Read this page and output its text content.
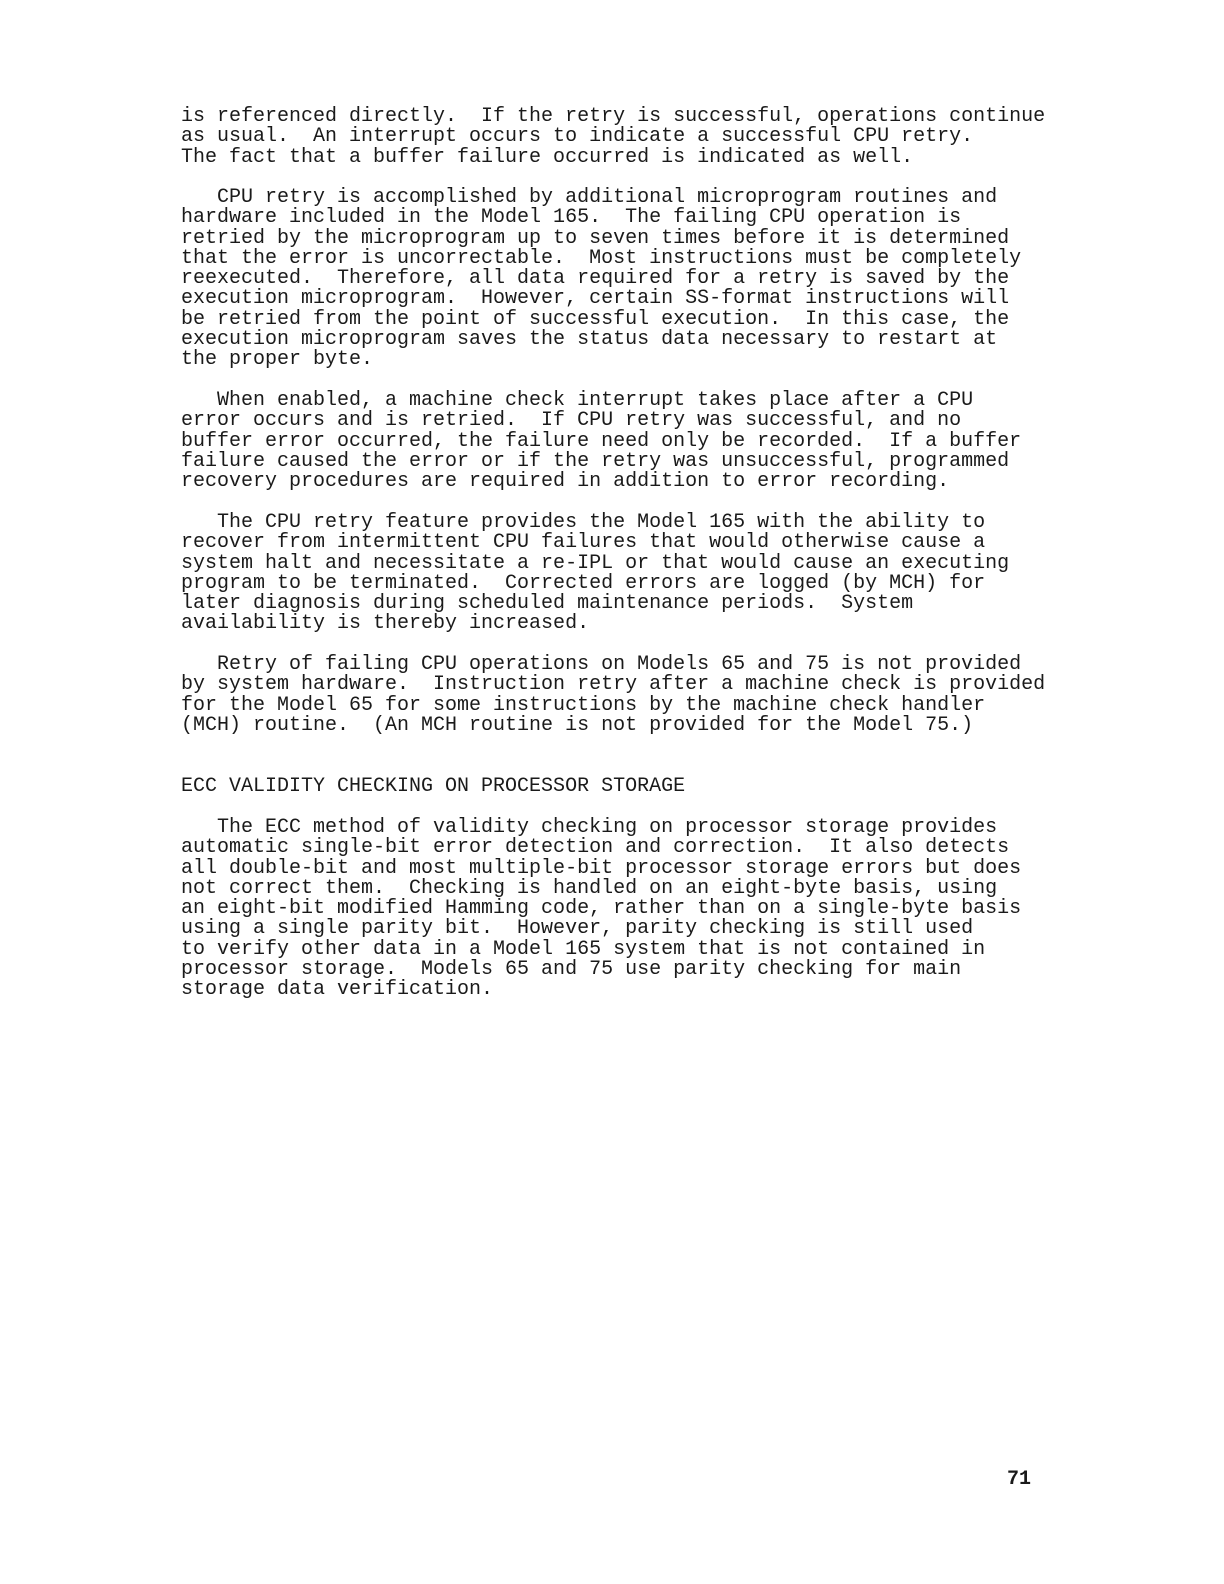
is referenced directly.  If the retry is successful, operations continue
as usual.  An interrupt occurs to indicate a successful CPU retry.
The fact that a buffer failure occurred is indicated as well.

CPU retry is accomplished by additional microprogram routines and
hardware included in the Model 165.  The failing CPU operation is
retried by the microprogram up to seven times before it is determined
that the error is uncorrectable.  Most instructions must be completely
reexecuted.  Therefore, all data required for a retry is saved by the
execution microprogram.  However, certain SS-format instructions will
be retried from the point of successful execution.  In this case, the
execution microprogram saves the status data necessary to restart at
the proper byte.

When enabled, a machine check interrupt takes place after a CPU
error occurs and is retried.  If CPU retry was successful, and no
buffer error occurred, the failure need only be recorded.  If a buffer
failure caused the error or if the retry was unsuccessful, programmed
recovery procedures are required in addition to error recording.

The CPU retry feature provides the Model 165 with the ability to
recover from intermittent CPU failures that would otherwise cause a
system halt and necessitate a re-IPL or that would cause an executing
program to be terminated.  Corrected errors are logged (by MCH) for
later diagnosis during scheduled maintenance periods.  System
availability is thereby increased.

Retry of failing CPU operations on Models 65 and 75 is not provided
by system hardware.  Instruction retry after a machine check is provided
for the Model 65 for some instructions by the machine check handler
(MCH) routine.  (An MCH routine is not provided for the Model 75.)

ECC VALIDITY CHECKING ON PROCESSOR STORAGE

The ECC method of validity checking on processor storage provides
automatic single-bit error detection and correction.  It also detects
all double-bit and most multiple-bit processor storage errors but does
not correct them.  Checking is handled on an eight-byte basis, using
an eight-bit modified Hamming code, rather than on a single-byte basis
using a single parity bit.  However, parity checking is still used
to verify other data in a Model 165 system that is not contained in
processor storage.  Models 65 and 75 use parity checking for main
storage data verification.

71
